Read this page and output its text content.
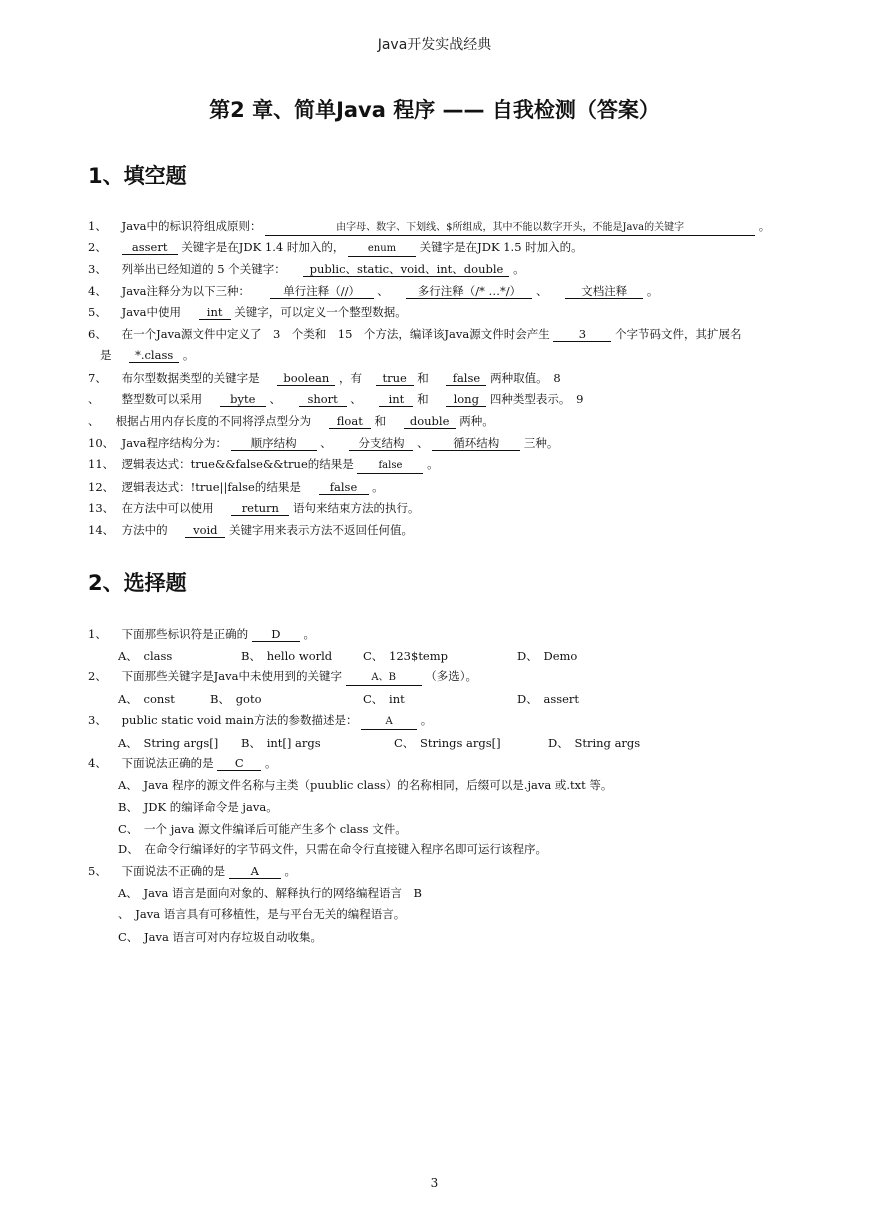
Java开发实战经典
第2 章、简单Java 程序 —— 自我检测（答案）
1、填空题
1、 Java中的标识符组成原则：	由字母、数字、下划线、$所组成，其中不能以数字开头，不能是Java的关键字	。
2、 assert 关键字是在JDK 1.4 时加入的， enum 关键字是在JDK 1.5 时加入的。
3、 列举出已经知道的 5 个关键字： public、static、void、int、double 。
4、 Java注释分为以下三种：	单行注释（//） 、	多行注释（/* …*/） 、	文档注释 。
5、 Java中使用 int 关键字，可以定义一个整型数据。
6、 在一个Java源文件中定义了　3　个类和　15　个方法，编译该Java源文件时会产生	3	个字节码文件，其扩展名
是 *.class 。
7、 布尔型数据类型的关键字是 boolean ，有 true 和 false 两种取值。　8
、 整型数可以采用 byte 、 short 、 int 和 long 四种类型表示。　9
、 根据占用内存长度的不同将浮点型分为 float 和 double 两种。
10、 Java程序结构分为： 顺序结构 、 分支结构 、 循环结构 三种。
11、 逻辑表达式：true&&false&&true的结果是 false 。
12、 逻辑表达式：!true||false的结果是	false 。
13、 在方法中可以使用 return 语句来结束方法的执行。
14、 方法中的 void 关键字用来表示方法不返回任何值。
2、选择题
1、 下面那些标识符是正确的 D 。
A、　class	B、　hello world	C、　123$temp	D、　Demo
2、 下面那些关键字是Java中未使用到的关键字	A、B	（多选）。
A、　const	B、　goto	C、　int	D、　assert
3、 public static void main方法的参数描述是：	A 。
A、　String args[] B、　int[] args	C、　Strings args[]	D、　String args
4、 下面说法正确的是 C 。
A、　Java 程序的源文件名称与主类（puublic class）的名称相同，后缀可以是.java 或.txt 等。
B、　JDK 的编译命令是 java。
C、　一个 java 源文件编译后可能产生多个 class 文件。
D、　在命令行编译好的字节码文件，只需在命令行直接键入程序名即可运行该程序。
5、 下面说法不正确的是 A 。
A、　Java 语言是面向对象的、解释执行的网络编程语言　B
、　Java 语言具有可移植性，是与平台无关的编程语言。
C、　Java 语言可对内存垃圾自动收集。
3
